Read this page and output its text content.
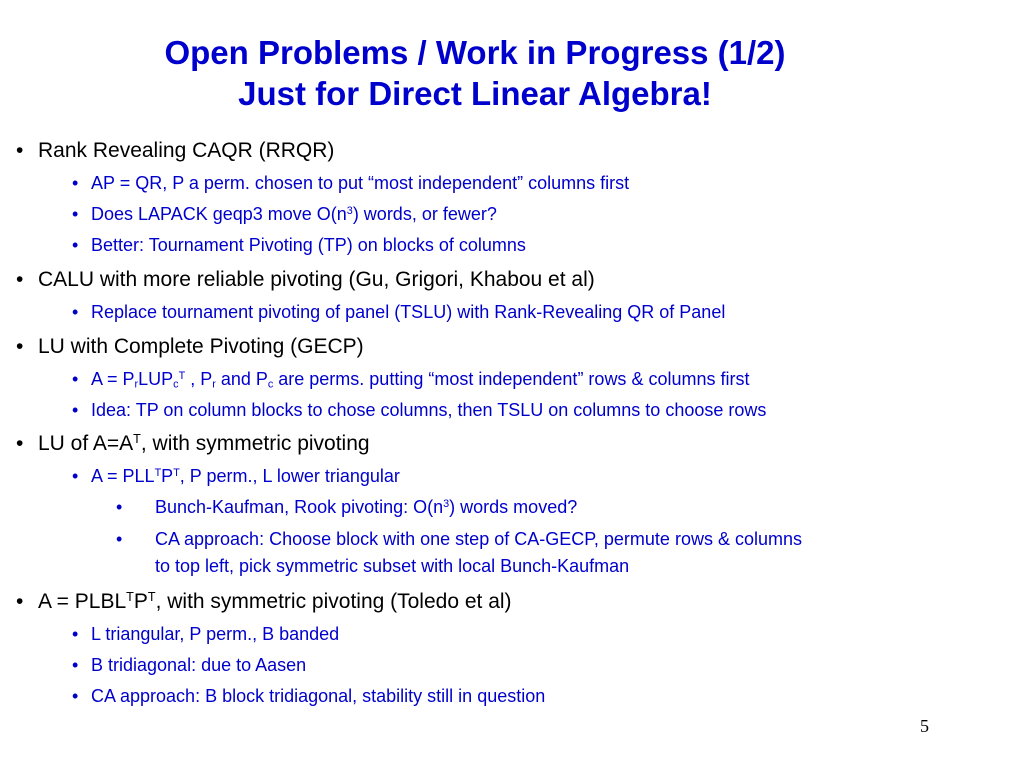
Open Problems / Work in Progress (1/2)
Just for Direct Linear Algebra!
• Rank Revealing CAQR (RRQR)
• AP = QR, P a perm. chosen to put “most independent” columns first
• Does LAPACK geqp3 move $O(n^3)$ words, or fewer?
• Better: Tournament Pivoting (TP) on blocks of columns
• CALU with more reliable pivoting (Gu, Grigori, Khabou et al)
• Replace tournament pivoting of panel (TSLU) with Rank-Revealing QR of Panel
• LU with Complete Pivoting (GECP)
• $A = P_rLUP_c^T$ , $P_r$ and $P_c$ are perms. putting “most independent” rows & columns first
• Idea: TP on column blocks to chose columns, then TSLU on columns to choose rows
• LU of $A=A^T$, with symmetric pivoting
• $A = PLL^TP^T$, P perm., L lower triangular
• Bunch-Kaufman, Rook pivoting: $O(n^3)$ words moved?
• CA approach: Choose block with one step of CA-GECP, permute rows & columns
to top left, pick symmetric subset with local Bunch-Kaufman
• $A = PLBL^TP^T$, with symmetric pivoting (Toledo et al)
• L triangular, P perm., B banded
• B tridiagonal: due to Aasen
• CA approach: B block tridiagonal, stability still in question
5
